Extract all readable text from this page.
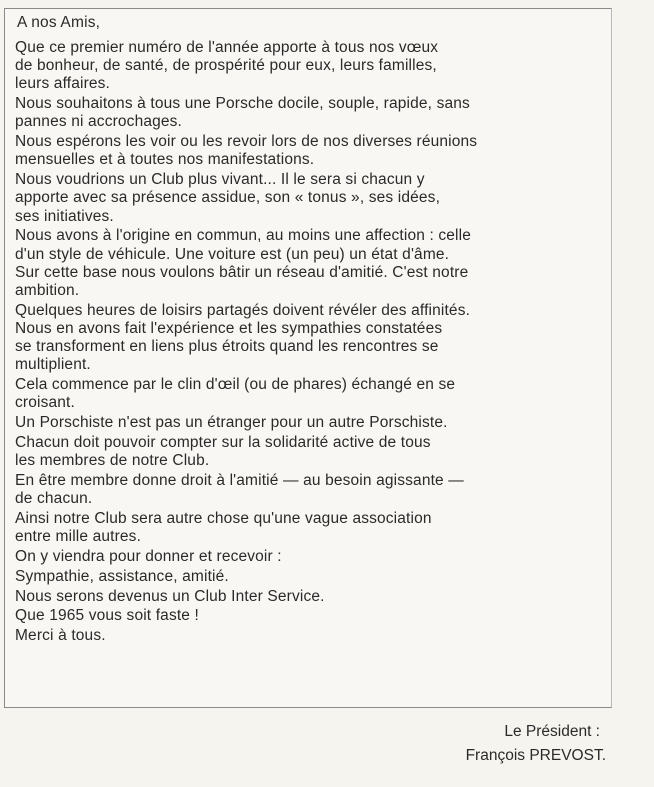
A nos Amis,

Que ce premier numéro de l'année apporte à tous nos vœux
de bonheur, de santé, de prospérité pour eux, leurs familles,
leurs affaires.

Nous souhaitons à tous une Porsche docile, souple, rapide, sans
pannes ni accrochages.

Nous espérons les voir ou les revoir lors de nos diverses réunions
mensuelles et à toutes nos manifestations.

Nous voudrions un Club plus vivant... Il le sera si chacun y
apporte avec sa présence assidue, son « tonus », ses idées,
ses initiatives.

Nous avons à l'origine en commun, au moins une affection : celle
d'un style de véhicule. Une voiture est (un peu) un état d'âme.
Sur cette base nous voulons bâtir un réseau d'amitié. C'est notre
ambition.

Quelques heures de loisirs partagés doivent révéler des affinités.
Nous en avons fait l'expérience et les sympathies constatées
se transforment en liens plus étroits quand les rencontres se
multiplient.

Cela commence par le clin d'œil (ou de phares) échangé en se
croisant.

Un Porschiste n'est pas un étranger pour un autre Porschiste.

Chacun doit pouvoir compter sur la solidarité active de tous
les membres de notre Club.

En être membre donne droit à l'amitié — au besoin agissante —
de chacun.

Ainsi notre Club sera autre chose qu'une vague association
entre mille autres.

On y viendra pour donner et recevoir :

Sympathie, assistance, amitié.

Nous serons devenus un Club Inter Service.

Que 1965 vous soit faste !

Merci à tous.

Le Président :
François PREVOST.
